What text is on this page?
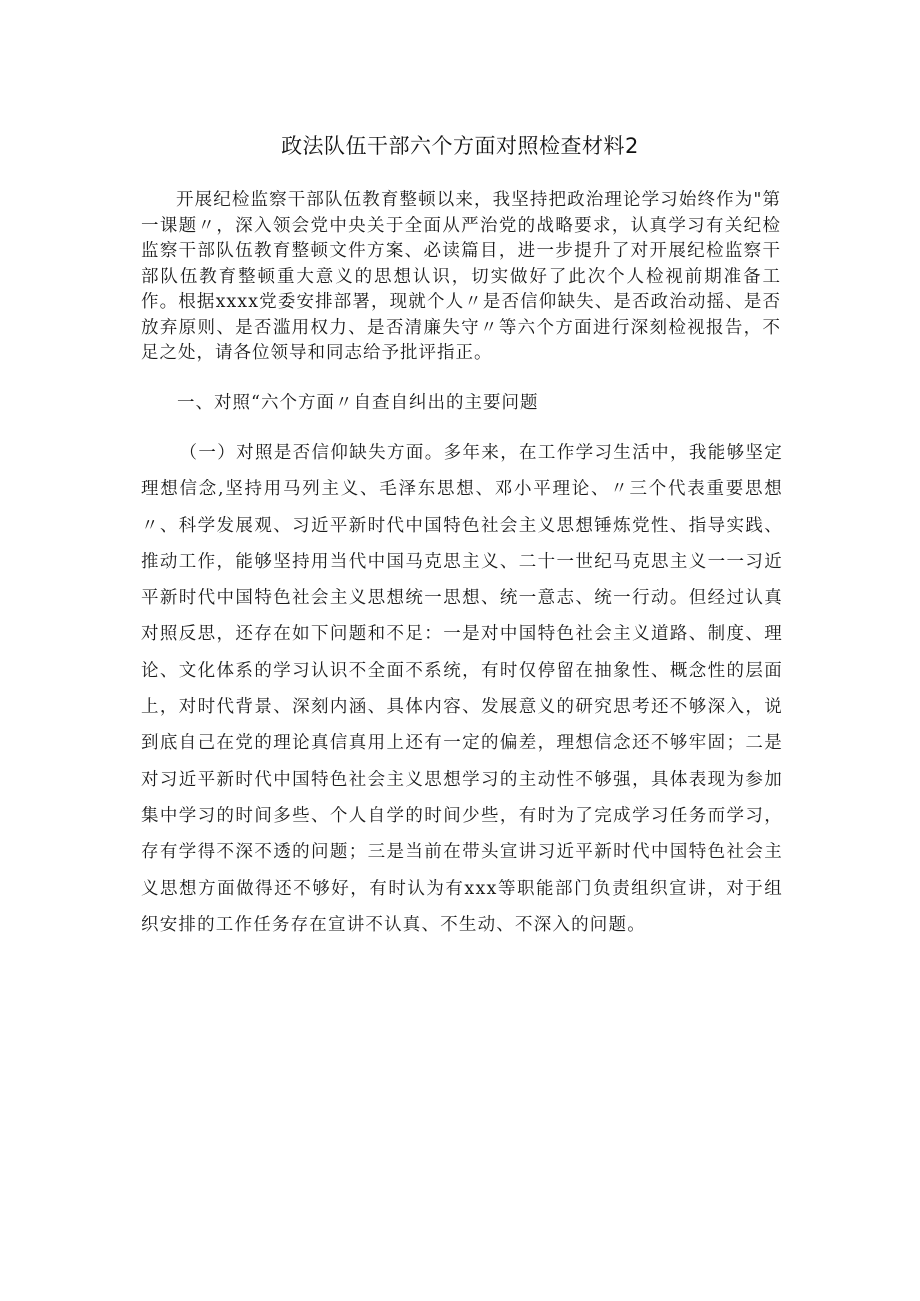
政法队伍干部六个方面对照检查材料2

开展纪检监察干部队伍教育整顿以来，我坚持把政治理论学习始终作为"第一课题〃，深入领会党中央关于全面从严治党的战略要求，认真学习有关纪检监察干部队伍教育整顿文件方案、必读篇目，进一步提升了对开展纪检监察干部队伍教育整顿重大意义的思想认识，切实做好了此次个人检视前期准备工作。根据xxxx党委安排部署，现就个人〃是否信仰缺失、是否政治动摇、是否放弃原则、是否滥用权力、是否清廉失守〃等六个方面进行深刻检视报告，不足之处，请各位领导和同志给予批评指正。

一、对照“六个方面〃自查自纠出的主要问题

（一）对照是否信仰缺失方面。多年来，在工作学习生活中，我能够坚定理想信念,坚持用马列主义、毛泽东思想、邓小平理论、〃三个代表重要思想〃、科学发展观、习近平新时代中国特色社会主义思想锤炼党性、指导实践、推动工作，能够坚持用当代中国马克思主义、二十一世纪马克思主义一一习近平新时代中国特色社会主义思想统一思想、统一意志、统一行动。但经过认真对照反思，还存在如下问题和不足：一是对中国特色社会主义道路、制度、理论、文化体系的学习认识不全面不系统，有时仅停留在抽象性、概念性的层面上，对时代背景、深刻内涵、具体内容、发展意义的研究思考还不够深入，说到底自己在党的理论真信真用上还有一定的偏差，理想信念还不够牢固；二是对习近平新时代中国特色社会主义思想学习的主动性不够强，具体表现为参加集中学习的时间多些、个人自学的时间少些，有时为了完成学习任务而学习，存有学得不深不透的问题；三是当前在带头宣讲习近平新时代中国特色社会主义思想方面做得还不够好，有时认为有xxx等职能部门负责组织宣讲，对于组织安排的工作任务存在宣讲不认真、不生动、不深入的问题。
